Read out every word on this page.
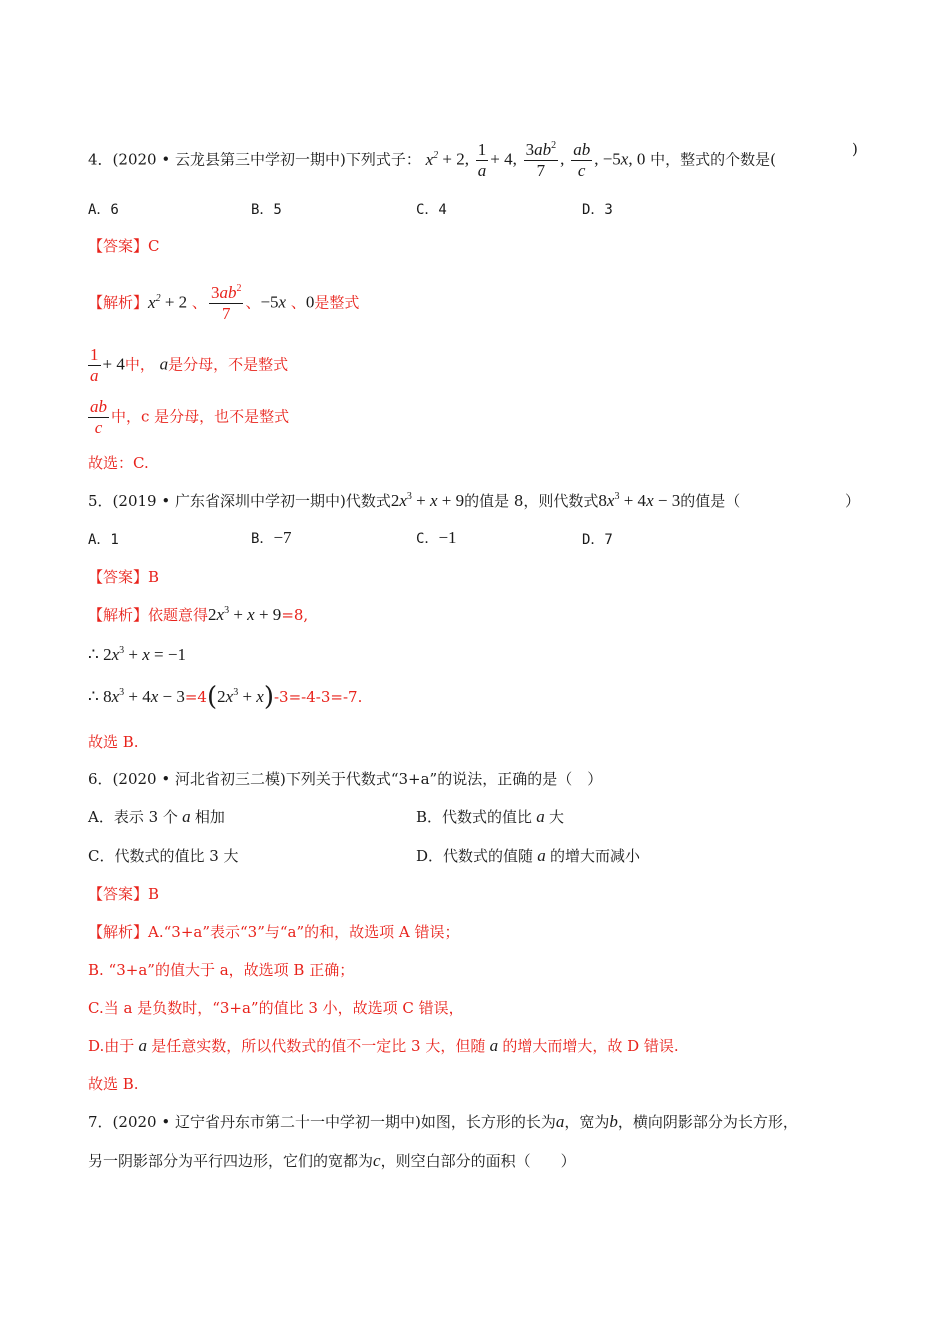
4．(2020 • 云龙县第三中学初一期中)下列式子： $x^2 + 2$, $\frac{1}{a} + 4$, $\frac{3ab^2}{7}$ , $\frac{ab}{c}$ , −5x, 0 中，整式的个数是(
)
A．6	B．5	C．4	D．3
【答案】C
【解析】$x^2 + 2$ 、 $\frac{3ab^2}{7}$ 、−5x 、0是整式
$\frac{1}{a} + 4$中， a是分母，不是整式
$\frac{ab}{c}$ 中，c 是分母，也不是整式
故选：C.
5．(2019 • 广东省深圳中学初一期中)代数式$2x^3 + x + 9$的值是 8，则代数式$8x^3 + 4x - 3$的值是（	）
A．1	B．−7	C．−1	D．7
【答案】B
【解析】依题意得$2x^3 + x + 9=8$,
∴ $2x^3 + x = -1$
∴ $8x^3 + 4x - 3=4(2x^3 + x)-3=-4-3=-7$.
故选 B.
6．(2020 • 河北省初三二模)下列关于代数式“3+a”的说法，正确的是（　）
A．表示 3 个 a 相加	B．代数式的值比 a 大
C．代数式的值比 3 大	D．代数式的值随 a 的增大而减小
【答案】B
【解析】A.“3+a”表示“3”与“a”的和，故选项 A 错误；
B. “3+a”的值大于 a，故选项 B 正确；
C.当 a 是负数时，“3+a”的值比 3 小，故选项 C 错误，
D.由于 a 是任意实数，所以代数式的值不一定比 3 大，但随 a 的增大而增大，故 D 错误.
故选 B.
7．(2020 • 辽宁省丹东市第二十一中学初一期中)如图，长方形的长为a，宽为b，横向阴影部分为长方形，
另一阴影部分为平行四边形，它们的宽都为c，则空白部分的面积（　　）
